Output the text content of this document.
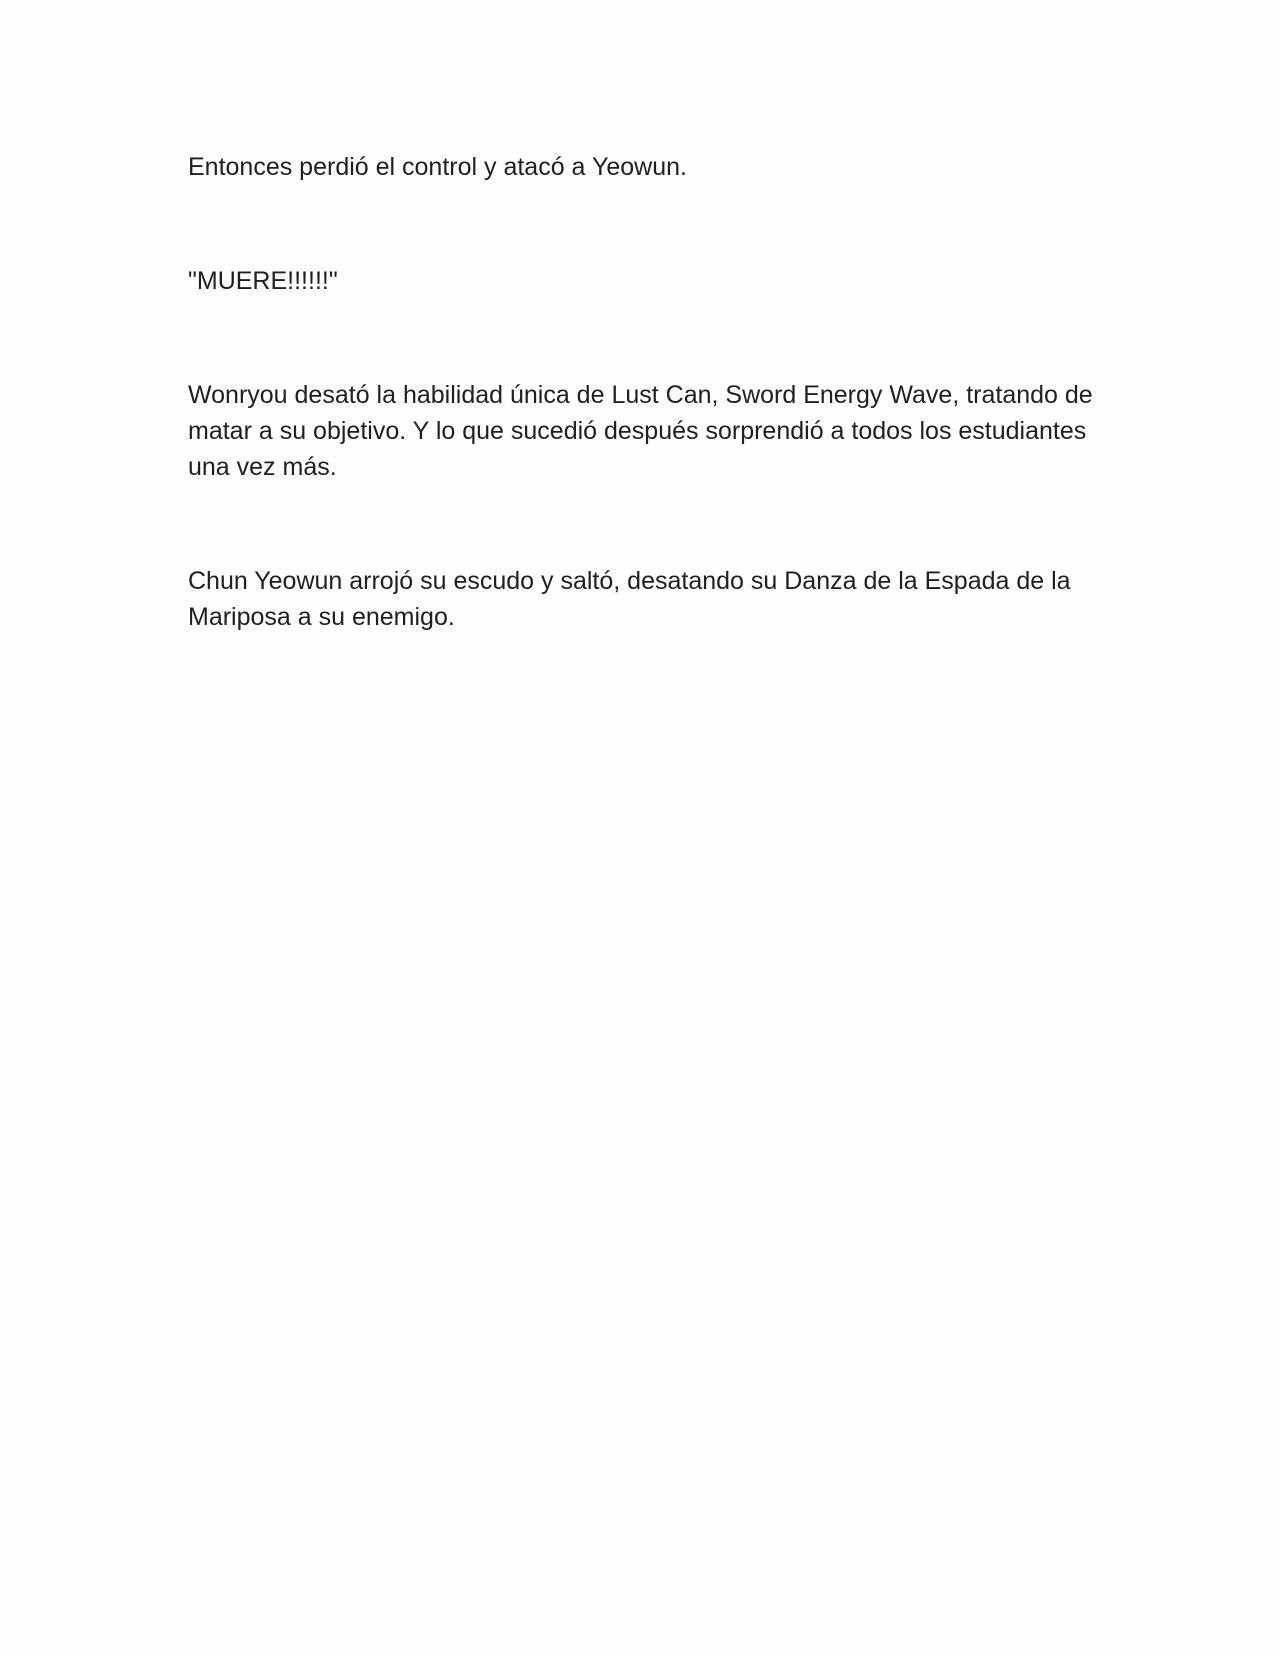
Entonces perdió el control y atacó a Yeowun.

"MUERE!!!!!!"

Wonryou desató la habilidad única de Lust Can, Sword Energy Wave, tratando de matar a su objetivo. Y lo que sucedió después sorprendió a todos los estudiantes una vez más.

Chun Yeowun arrojó su escudo y saltó, desatando su Danza de la Espada de la Mariposa a su enemigo.
